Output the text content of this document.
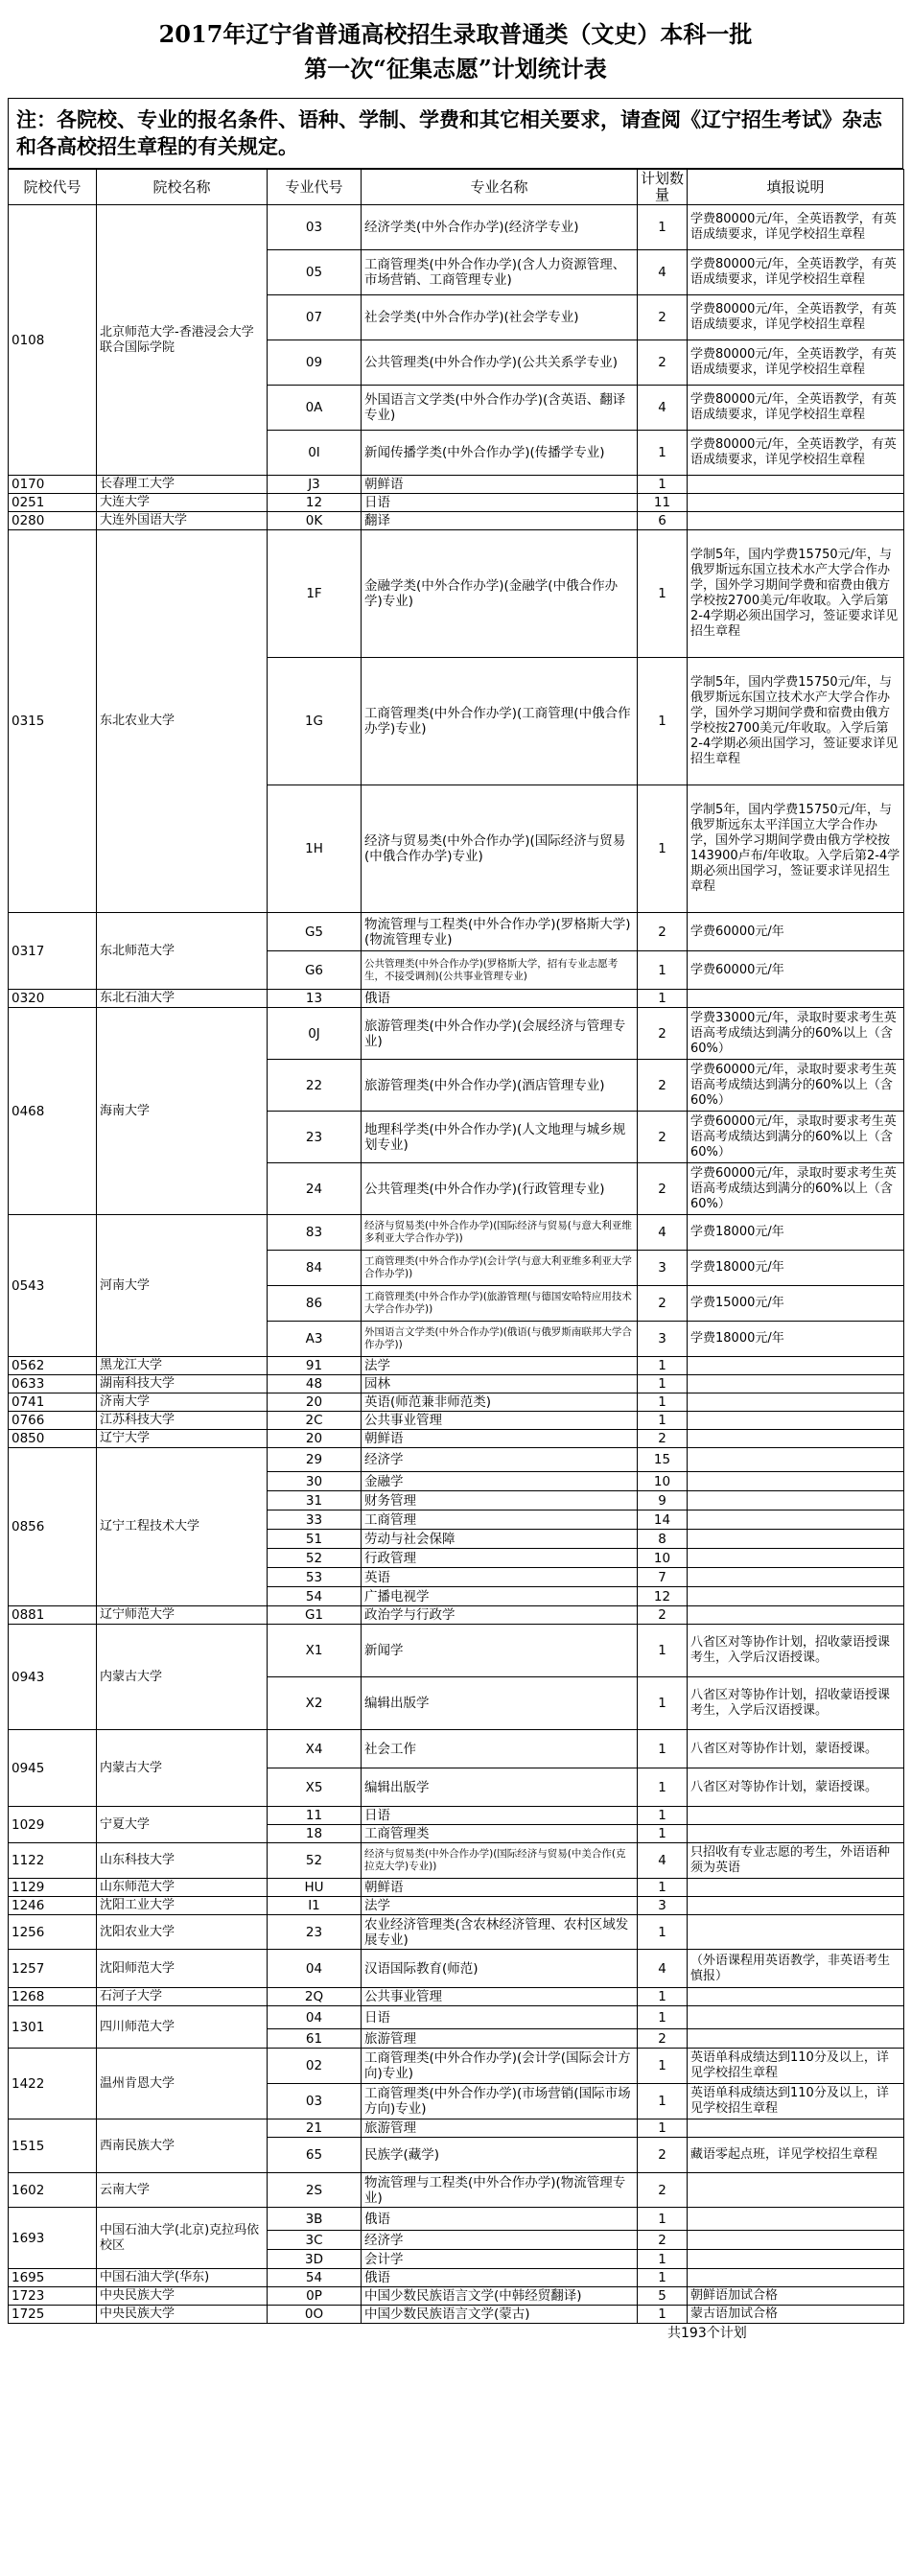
2017年辽宁省普通高校招生录取普通类（文史）本科一批
第一次“征集志愿”计划统计表
注：各院校、专业的报名条件、语种、学制、学费和其它相关要求，请查阅《辽宁招生考试》杂志和各高校招生章程的有关规定。
院校代号	院校名称	专业代号	专业名称	计划数量	填报说明
0108	北京师范大学-香港浸会大学联合国际学院	03	经济学类(中外合作办学)(经济学专业)	1	学费80000元/年，全英语教学，有英语成绩要求，详见学校招生章程
		05	工商管理类(中外合作办学)(含人力资源管理、市场营销、工商管理专业)	4	学费80000元/年，全英语教学，有英语成绩要求，详见学校招生章程
		07	社会学类(中外合作办学)(社会学专业)	2	学费80000元/年，全英语教学，有英语成绩要求，详见学校招生章程
		09	公共管理类(中外合作办学)(公共关系学专业)	2	学费80000元/年，全英语教学，有英语成绩要求，详见学校招生章程
		0A	外国语言文学类(中外合作办学)(含英语、翻译专业)	4	学费80000元/年，全英语教学，有英语成绩要求，详见学校招生章程
		0I	新闻传播学类(中外合作办学)(传播学专业)	1	学费80000元/年，全英语教学，有英语成绩要求，详见学校招生章程
0170	长春理工大学	J3	朝鲜语	1	
0251	大连大学	12	日语	11	
0280	大连外国语大学	0K	翻译	6	
0315	东北农业大学	1F	金融学类(中外合作办学)(金融学(中俄合作办学)专业)	1	学制5年，国内学费15750元/年，与俄罗斯远东国立技术水产大学合作办学，国外学习期间学费和宿费由俄方学校按2700美元/年收取。入学后第2-4学期必须出国学习，签证要求详见招生章程
		1G	工商管理类(中外合作办学)(工商管理(中俄合作办学)专业)	1	学制5年，国内学费15750元/年，与俄罗斯远东国立技术水产大学合作办学，国外学习期间学费和宿费由俄方学校按2700美元/年收取。入学后第2-4学期必须出国学习，签证要求详见招生章程
		1H	经济与贸易类(中外合作办学)(国际经济与贸易(中俄合作办学)专业)	1	学制5年，国内学费15750元/年，与俄罗斯远东太平洋国立大学合作办学，国外学习期间学费由俄方学校按143900卢布/年收取。入学后第2-4学期必须出国学习，签证要求详见招生章程
0317	东北师范大学	G5	物流管理与工程类(中外合作办学)(罗格斯大学)(物流管理专业)	2	学费60000元/年
		G6	公共管理类(中外合作办学)(罗格斯大学，招有专业志愿考生，不接受调剂)(公共事业管理专业)	1	学费60000元/年
0320	东北石油大学	13	俄语	1	
0468	海南大学	0J	旅游管理类(中外合作办学)(会展经济与管理专业)	2	学费33000元/年，录取时要求考生英语高考成绩达到满分的60%以上（含60%）
		22	旅游管理类(中外合作办学)(酒店管理专业)	2	学费60000元/年，录取时要求考生英语高考成绩达到满分的60%以上（含60%）
		23	地理科学类(中外合作办学)(人文地理与城乡规划专业)	2	学费60000元/年，录取时要求考生英语高考成绩达到满分的60%以上（含60%）
		24	公共管理类(中外合作办学)(行政管理专业)	2	学费60000元/年，录取时要求考生英语高考成绩达到满分的60%以上（含60%）
0543	河南大学	83	经济与贸易类(中外合作办学)(国际经济与贸易(与意大利亚维多利亚大学合作办学))	4	学费18000元/年
		84	工商管理类(中外合作办学)(会计学(与意大利亚维多利亚大学合作办学))	3	学费18000元/年
		86	工商管理类(中外合作办学)(旅游管理(与德国安哈特应用技术大学合作办学))	2	学费15000元/年
		A3	外国语言文学类(中外合作办学)(俄语(与俄罗斯南联邦大学合作办学))	3	学费18000元/年
0562	黑龙江大学	91	法学	1	
0633	湖南科技大学	48	园林	1	
0741	济南大学	20	英语(师范兼非师范类)	1	
0766	江苏科技大学	2C	公共事业管理	1	
0850	辽宁大学	20	朝鲜语	2	
0856	辽宁工程技术大学	29	经济学	15	
		30	金融学	10	
		31	财务管理	9	
		33	工商管理	14	
		51	劳动与社会保障	8	
		52	行政管理	10	
		53	英语	7	
		54	广播电视学	12	
0881	辽宁师范大学	G1	政治学与行政学	2	
0943	内蒙古大学	X1	新闻学	1	八省区对等协作计划，招收蒙语授课考生，入学后汉语授课。
		X2	编辑出版学	1	八省区对等协作计划，招收蒙语授课考生，入学后汉语授课。
0945	内蒙古大学	X4	社会工作	1	八省区对等协作计划，蒙语授课。
		X5	编辑出版学	1	八省区对等协作计划，蒙语授课。
1029	宁夏大学	11	日语	1	
		18	工商管理类	1	
1122	山东科技大学	52	经济与贸易类(中外合作办学)(国际经济与贸易(中美合作(克拉克大学)专业))	4	只招收有专业志愿的考生，外语语种须为英语
1129	山东师范大学	HU	朝鲜语	1	
1246	沈阳工业大学	I1	法学	3	
1256	沈阳农业大学	23	农业经济管理类(含农林经济管理、农村区域发展专业)	1	
1257	沈阳师范大学	04	汉语国际教育(师范)	4	（外语课程用英语教学，非英语考生慎报）
1268	石河子大学	2Q	公共事业管理	1	
1301	四川师范大学	04	日语	1	
		61	旅游管理	2	
1422	温州肯恩大学	02	工商管理类(中外合作办学)(会计学(国际会计方向)专业)	1	英语单科成绩达到110分及以上，详见学校招生章程
		03	工商管理类(中外合作办学)(市场营销(国际市场方向)专业)	1	英语单科成绩达到110分及以上，详见学校招生章程
1515	西南民族大学	21	旅游管理	1	
		65	民族学(藏学)	2	藏语零起点班，详见学校招生章程
1602	云南大学	2S	物流管理与工程类(中外合作办学)(物流管理专业)	2	
1693	中国石油大学(北京)克拉玛依校区	3B	俄语	1	
		3C	经济学	2	
		3D	会计学	1	
1695	中国石油大学(华东)	54	俄语	1	
1723	中央民族大学	0P	中国少数民族语言文学(中韩经贸翻译)	5	朝鲜语加试合格
1725	中央民族大学	0O	中国少数民族语言文学(蒙古)	1	蒙古语加试合格
共193个计划
